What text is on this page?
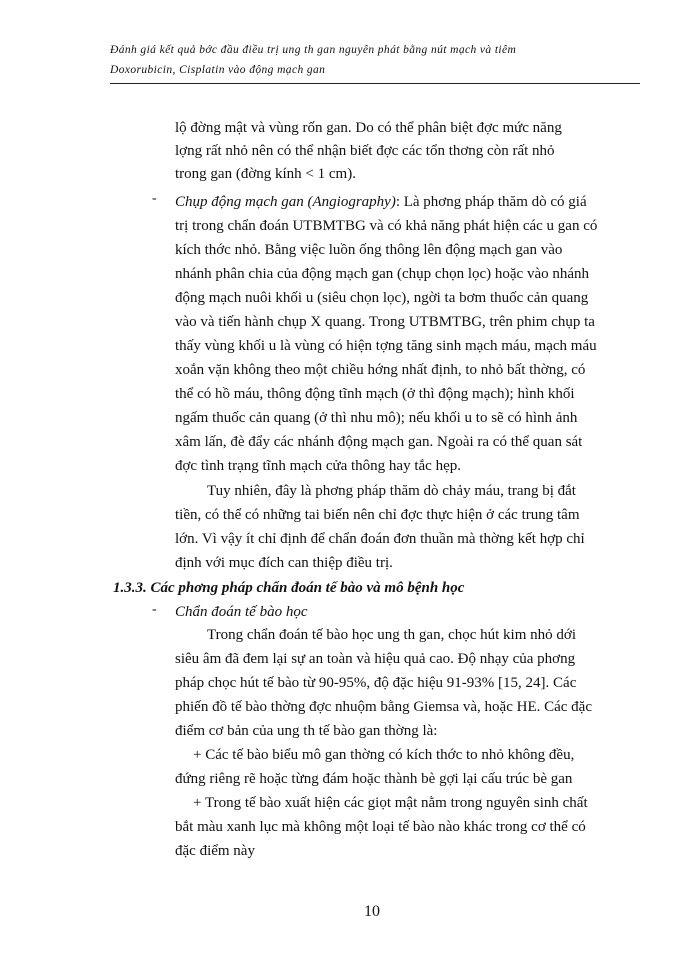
Đánh giá kết quả bớc đầu điều trị ung th gan nguyên phát bằng nút mạch và tiêm
Doxorubicin, Cisplatin vào động mạch gan
lộ đờng mật và vùng rốn gan. Do có thể phân biệt đợc mức năng
lợng rất nhỏ nên có thể nhận biết đợc các tổn thơng còn rất nhỏ
trong gan (đờng kính < 1 cm).
- Chụp động mạch gan (Angiography): Là phơng pháp thăm dò có giá
trị trong chẩn đoán UTBMTBG và có khả năng phát hiện các u gan có
kích thớc nhỏ. Bằng việc luồn ống thông lên động mạch gan vào
nhánh phân chia của động mạch gan (chụp chọn lọc) hoặc vào nhánh
động mạch nuôi khối u (siêu chọn lọc), ngời ta bơm thuốc cản quang
vào và tiến hành chụp X quang. Trong UTBMTBG, trên phim chụp ta
thấy vùng khối u là vùng có hiện tợng tăng sinh mạch máu, mạch máu
xoắn vặn không theo một chiều hớng nhất định, to nhỏ bất thờng, có
thể có hồ máu, thông động tĩnh mạch (ở thì động mạch); hình khối
ngấm thuốc cản quang (ở thì nhu mô); nếu khối u to sẽ có hình ảnh
xâm lấn, đè đẩy các nhánh động mạch gan. Ngoài ra có thể quan sát
đợc tình trạng tĩnh mạch cửa thông hay tắc hẹp.
Tuy nhiên, đây là phơng pháp thăm dò chảy máu, trang bị đắt
tiền, có thể có những tai biến nên chỉ đợc thực hiện ở các trung tâm
lớn. Vì vậy ít chỉ định để chẩn đoán đơn thuần mà thờng kết hợp chỉ
định với mục đích can thiệp điều trị.
1.3.3. Các phơng pháp chẩn đoán tế bào và mô bệnh học
- Chẩn đoán tế bào học
Trong chẩn đoán tế bào học ung th gan, chọc hút kim nhỏ dới
siêu âm đã đem lại sự an toàn và hiệu quả cao. Độ nhạy của phơng
pháp chọc hút tế bào từ 90-95%, độ đặc hiệu 91-93% [15, 24]. Các
phiến đồ tế bào thờng đợc nhuộm bằng Giemsa và, hoặc HE. Các đặc
điểm cơ bản của ung th tế bào gan thờng là:
+ Các tế bào biểu mô gan thờng có kích thớc to nhỏ không đều,
đứng riêng rẽ hoặc từng đám hoặc thành bè gợi lại cấu trúc bè gan
+ Trong tế bào xuất hiện các giọt mật nằm trong nguyên sinh chất
bắt màu xanh lục mà không một loại tế bào nào khác trong cơ thể có
đặc điểm này
10
